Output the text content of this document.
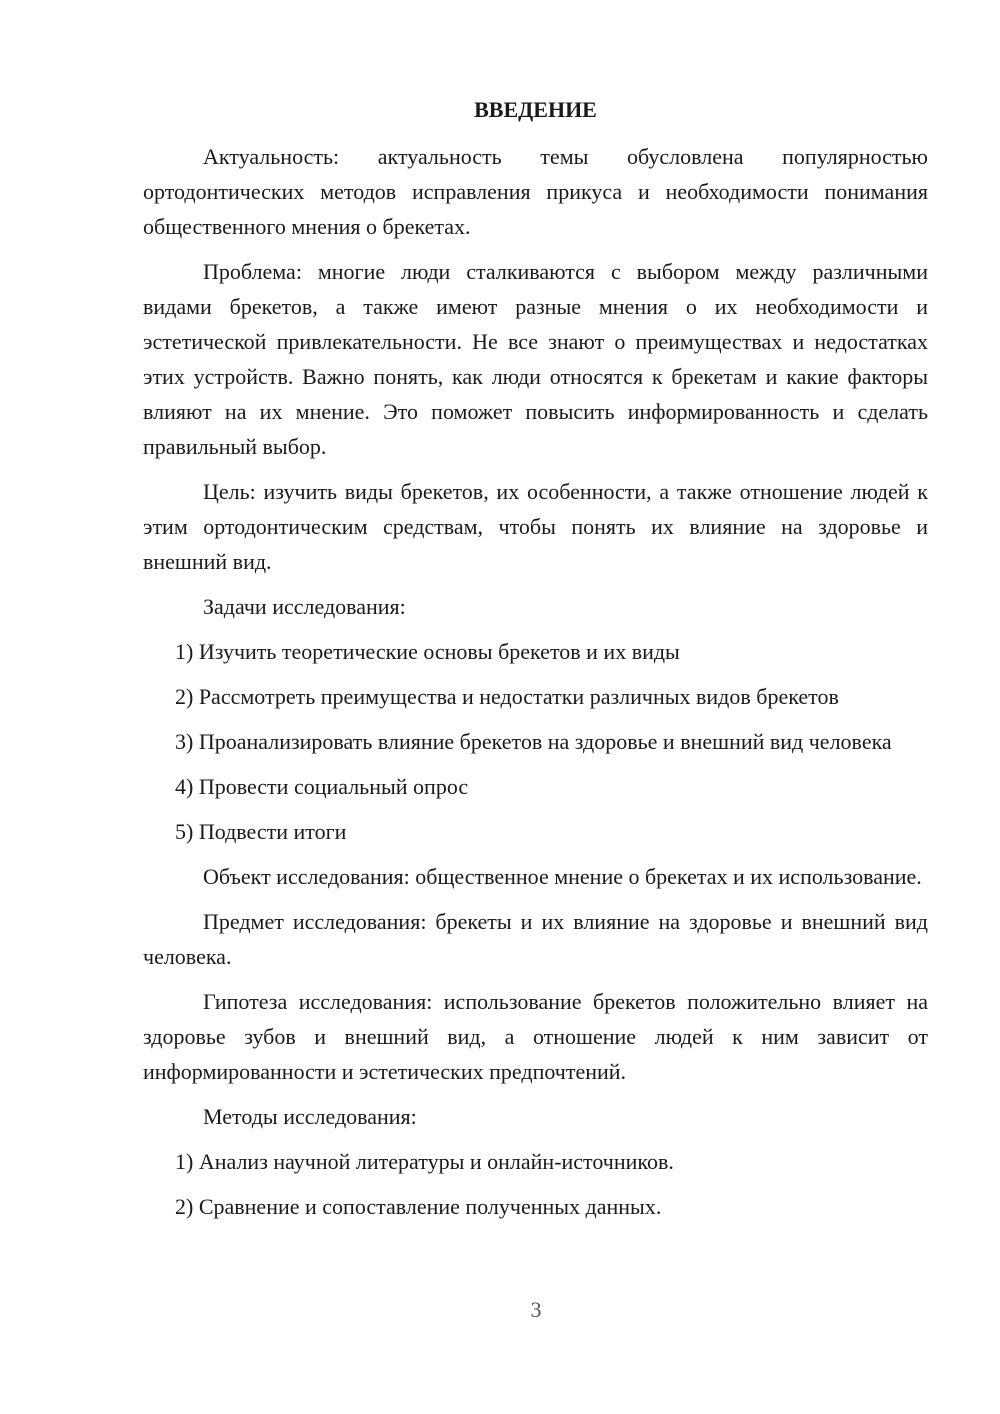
ВВЕДЕНИЕ

Актуальность: актуальность темы обусловлена популярностью ортодонтических методов исправления прикуса и необходимости понимания общественного мнения о брекетах.

Проблема: многие люди сталкиваются с выбором между различными видами брекетов, а также имеют разные мнения о их необходимости и эстетической привлекательности. Не все знают о преимуществах и недостатках этих устройств. Важно понять, как люди относятся к брекетам и какие факторы влияют на их мнение. Это поможет повысить информированность и сделать правильный выбор.

Цель: изучить виды брекетов, их особенности, а также отношение людей к этим ортодонтическим средствам, чтобы понять их влияние на здоровье и внешний вид.

Задачи исследования:

1) Изучить теоретические основы брекетов и их виды

2) Рассмотреть преимущества и недостатки различных видов брекетов

3) Проанализировать влияние брекетов на здоровье и внешний вид человека

4) Провести социальный опрос

5) Подвести итоги

Объект исследования: общественное мнение о брекетах и их использование.

Предмет исследования: брекеты и их влияние на здоровье и внешний вид человека.

Гипотеза исследования: использование брекетов положительно влияет на здоровье зубов и внешний вид, а отношение людей к ним зависит от информированности и эстетических предпочтений.

Методы исследования:

1) Анализ научной литературы и онлайн-источников.

2) Сравнение и сопоставление полученных данных.

3
